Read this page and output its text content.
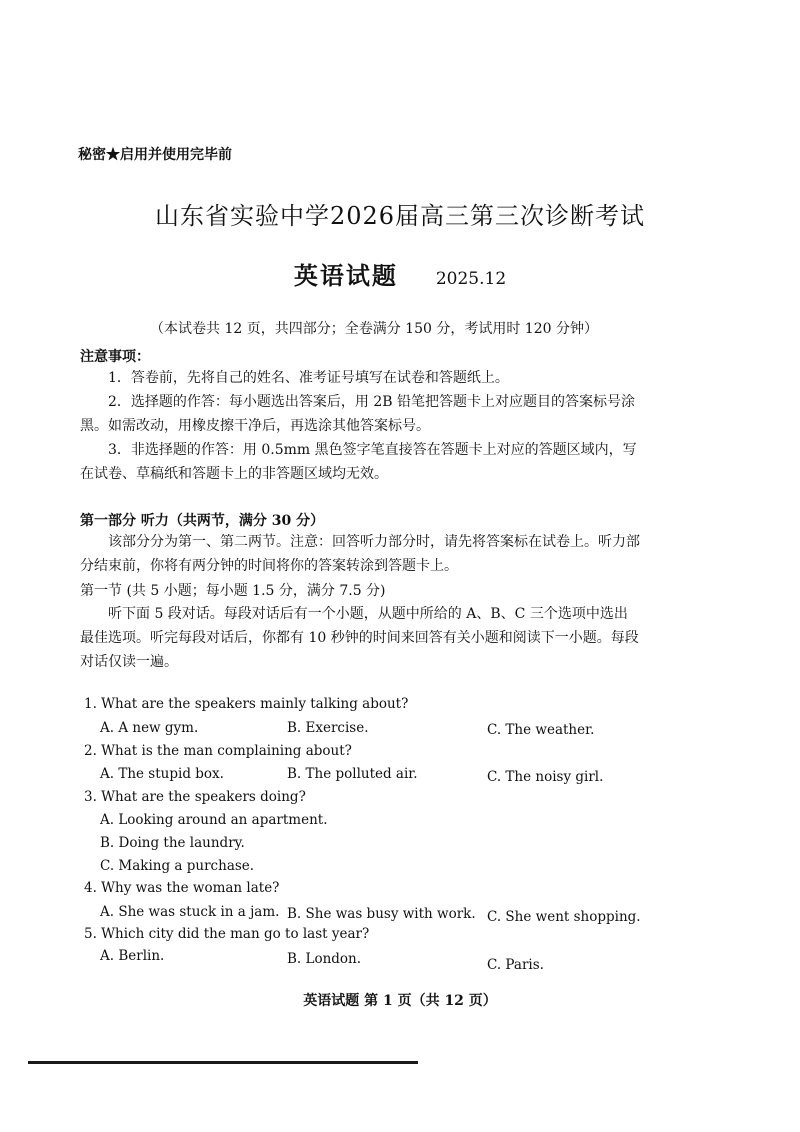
秘密★启用并使用完毕前
山东省实验中学2026届高三第三次诊断考试
英语试题 2025.12
（本试卷共 12 页，共四部分；全卷满分 150 分，考试用时 120 分钟）
注意事项：
1．答卷前，先将自己的姓名、准考证号填写在试卷和答题纸上。
2．选择题的作答：每小题选出答案后，用 2B 铅笔把答题卡上对应题目的答案标号涂黑。如需改动，用橡皮擦干净后，再选涂其他答案标号。
3．非选择题的作答：用 0.5mm 黑色签字笔直接答在答题卡上对应的答题区域内，写在试卷、草稿纸和答题卡上的非答题区域均无效。
第一部分 听力（共两节，满分 30 分）
该部分分为第一、第二两节。注意：回答听力部分时，请先将答案标在试卷上。听力部分结束前，你将有两分钟的时间将你的答案转涂到答题卡上。
第一节 (共 5 小题；每小题 1.5 分，满分 7.5 分)
听下面 5 段对话。每段对话后有一个小题，从题中所给的 A、B、C 三个选项中选出最佳选项。听完每段对话后，你都有 10 秒钟的时间来回答有关小题和阅读下一小题。每段对话仅读一遍。
1. What are the speakers mainly talking about?
A. A new gym.	B. Exercise.	C. The weather.
2. What is the man complaining about?
A. The stupid box.	B. The polluted air.	C. The noisy girl.
3. What are the speakers doing?
A. Looking around an apartment.
B. Doing the laundry.
C. Making a purchase.
4. Why was the woman late?
A. She was stuck in a jam. B. She was busy with work. C. She went shopping.
5. Which city did the man go to last year?
A. Berlin.	B. London.	C. Paris.
英语试题 第 1 页（共 12 页）
